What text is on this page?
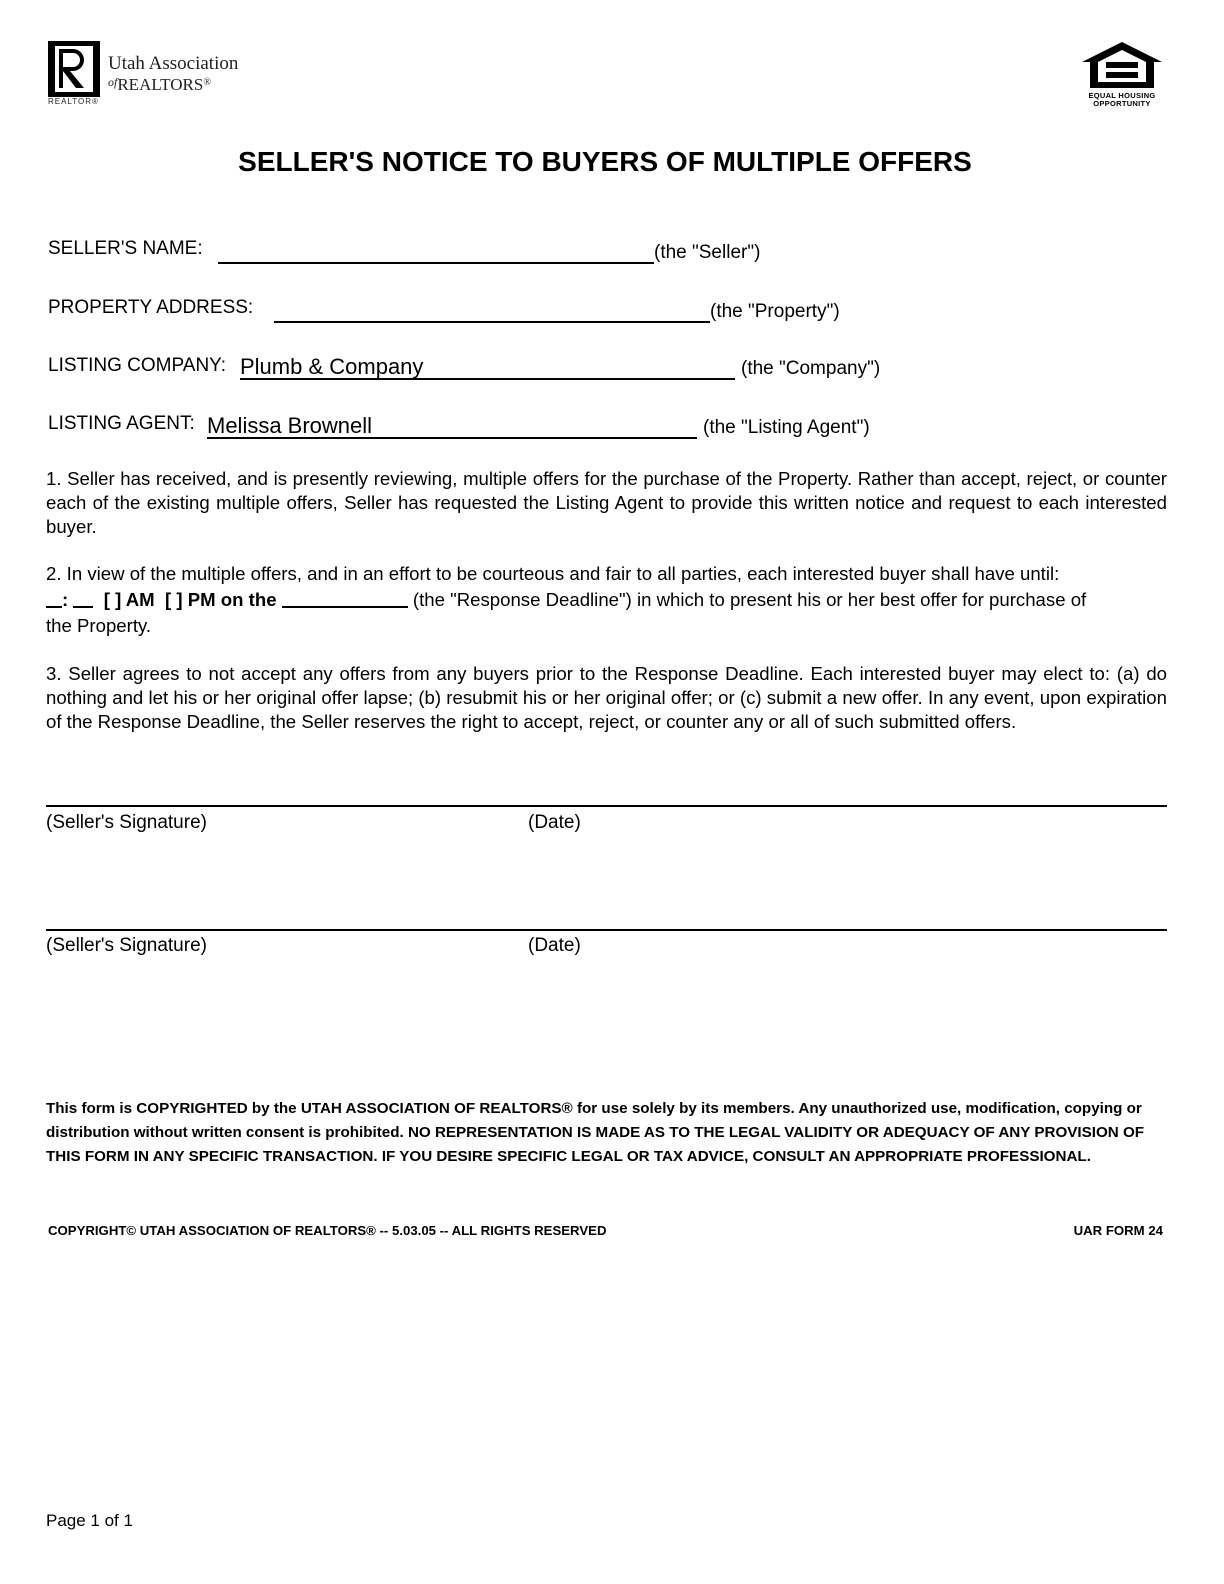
Utah Association
$^{of}$REALTORS®
REALTOR®
EQUAL HOUSING
OPPORTUNITY
SELLER'S NOTICE TO BUYERS OF MULTIPLE OFFERS
SELLER'S NAME:	(the "Seller")
PROPERTY ADDRESS:	(the "Property")
LISTING COMPANY: Plumb & Company	(the "Company")
LISTING AGENT: Melissa Brownell	(the "Listing Agent")
1. Seller has received, and is presently reviewing, multiple offers for the purchase of the Property. Rather than accept, reject, or counter each of the existing multiple offers, Seller has requested the Listing Agent to provide this written notice and request to each interested buyer.
2. In view of the multiple offers, and in an effort to be courteous and fair to all parties, each interested buyer shall have until:
: [ ] AM [ ] PM on the	(the "Response Deadline") in which to present his or her best offer for purchase of
the Property.
3. Seller agrees to not accept any offers from any buyers prior to the Response Deadline. Each interested buyer may elect to: (a) do nothing and let his or her original offer lapse; (b) resubmit his or her original offer; or (c) submit a new offer. In any event, upon expiration of the Response Deadline, the Seller reserves the right to accept, reject, or counter any or all of such submitted offers.
(Seller's Signature)	(Date)
(Seller's Signature)	(Date)
This form is COPYRIGHTED by the UTAH ASSOCIATION OF REALTORS® for use solely by its members. Any unauthorized use, modification, copying or distribution without written consent is prohibited. NO REPRESENTATION IS MADE AS TO THE LEGAL VALIDITY OR ADEQUACY OF ANY PROVISION OF THIS FORM IN ANY SPECIFIC TRANSACTION. IF YOU DESIRE SPECIFIC LEGAL OR TAX ADVICE, CONSULT AN APPROPRIATE PROFESSIONAL.
COPYRIGHT© UTAH ASSOCIATION OF REALTORS® -- 5.03.05 -- ALL RIGHTS RESERVED	UAR FORM 24
Page 1 of 1
